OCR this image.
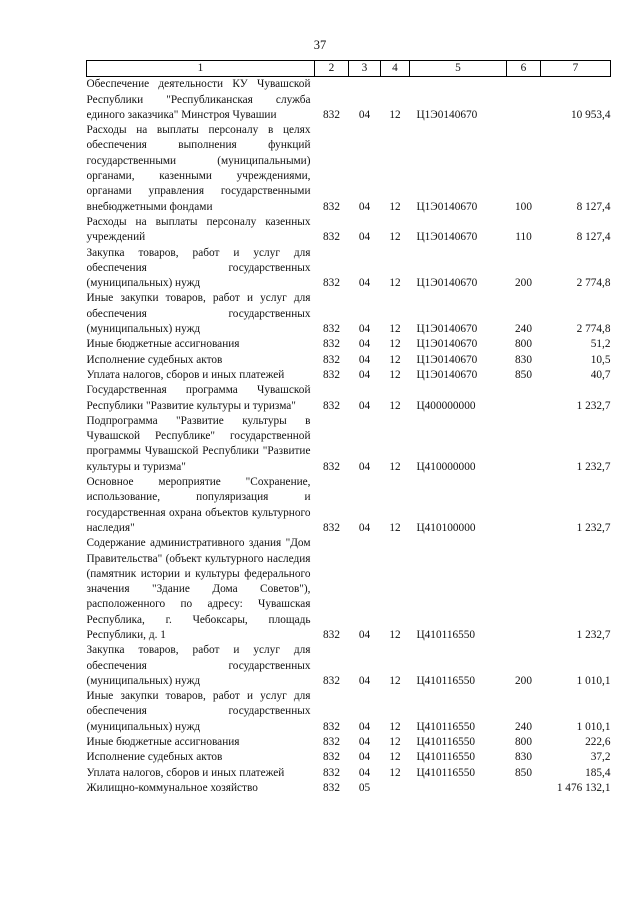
37
1	2	3	4	5	6	7
Обеспечение деятельности КУ Чувашской Республики "Республиканская служба единого заказчика" Минстроя Чувашии	832	04	12	Ц1Э0140670		10 953,4
Расходы на выплаты персоналу в целях обеспечения выполнения функций государственными (муниципальными) органами, казенными учреждениями, органами управления государственными внебюджетными фондами	832	04	12	Ц1Э0140670	100	8 127,4
Расходы на выплаты персоналу казенных учреждений	832	04	12	Ц1Э0140670	110	8 127,4
Закупка товаров, работ и услуг для обеспечения государственных (муниципальных) нужд	832	04	12	Ц1Э0140670	200	2 774,8
Иные закупки товаров, работ и услуг для обеспечения государственных (муниципальных) нужд	832	04	12	Ц1Э0140670	240	2 774,8
Иные бюджетные ассигнования	832	04	12	Ц1Э0140670	800	51,2
Исполнение судебных актов	832	04	12	Ц1Э0140670	830	10,5
Уплата налогов, сборов и иных платежей	832	04	12	Ц1Э0140670	850	40,7
Государственная программа Чувашской Республики "Развитие культуры и туризма"	832	04	12	Ц400000000		1 232,7
Подпрограмма "Развитие культуры в Чувашской Республике" государственной программы Чувашской Республики "Развитие культуры и туризма"	832	04	12	Ц410000000		1 232,7
Основное мероприятие "Сохранение, использование, популяризация и государственная охрана объектов культурного наследия"	832	04	12	Ц410100000		1 232,7
Содержание административного здания "Дом Правительства" (объект культурного наследия (памятник истории и культуры федерального значения "Здание Дома Советов"), расположенного по адресу: Чувашская Республика, г. Чебоксары, площадь Республики, д. 1	832	04	12	Ц410116550		1 232,7
Закупка товаров, работ и услуг для обеспечения государственных (муниципальных) нужд	832	04	12	Ц410116550	200	1 010,1
Иные закупки товаров, работ и услуг для обеспечения государственных (муниципальных) нужд	832	04	12	Ц410116550	240	1 010,1
Иные бюджетные ассигнования	832	04	12	Ц410116550	800	222,6
Исполнение судебных актов	832	04	12	Ц410116550	830	37,2
Уплата налогов, сборов и иных платежей	832	04	12	Ц410116550	850	185,4
Жилищно-коммунальное хозяйство	832	05				1 476 132,1
